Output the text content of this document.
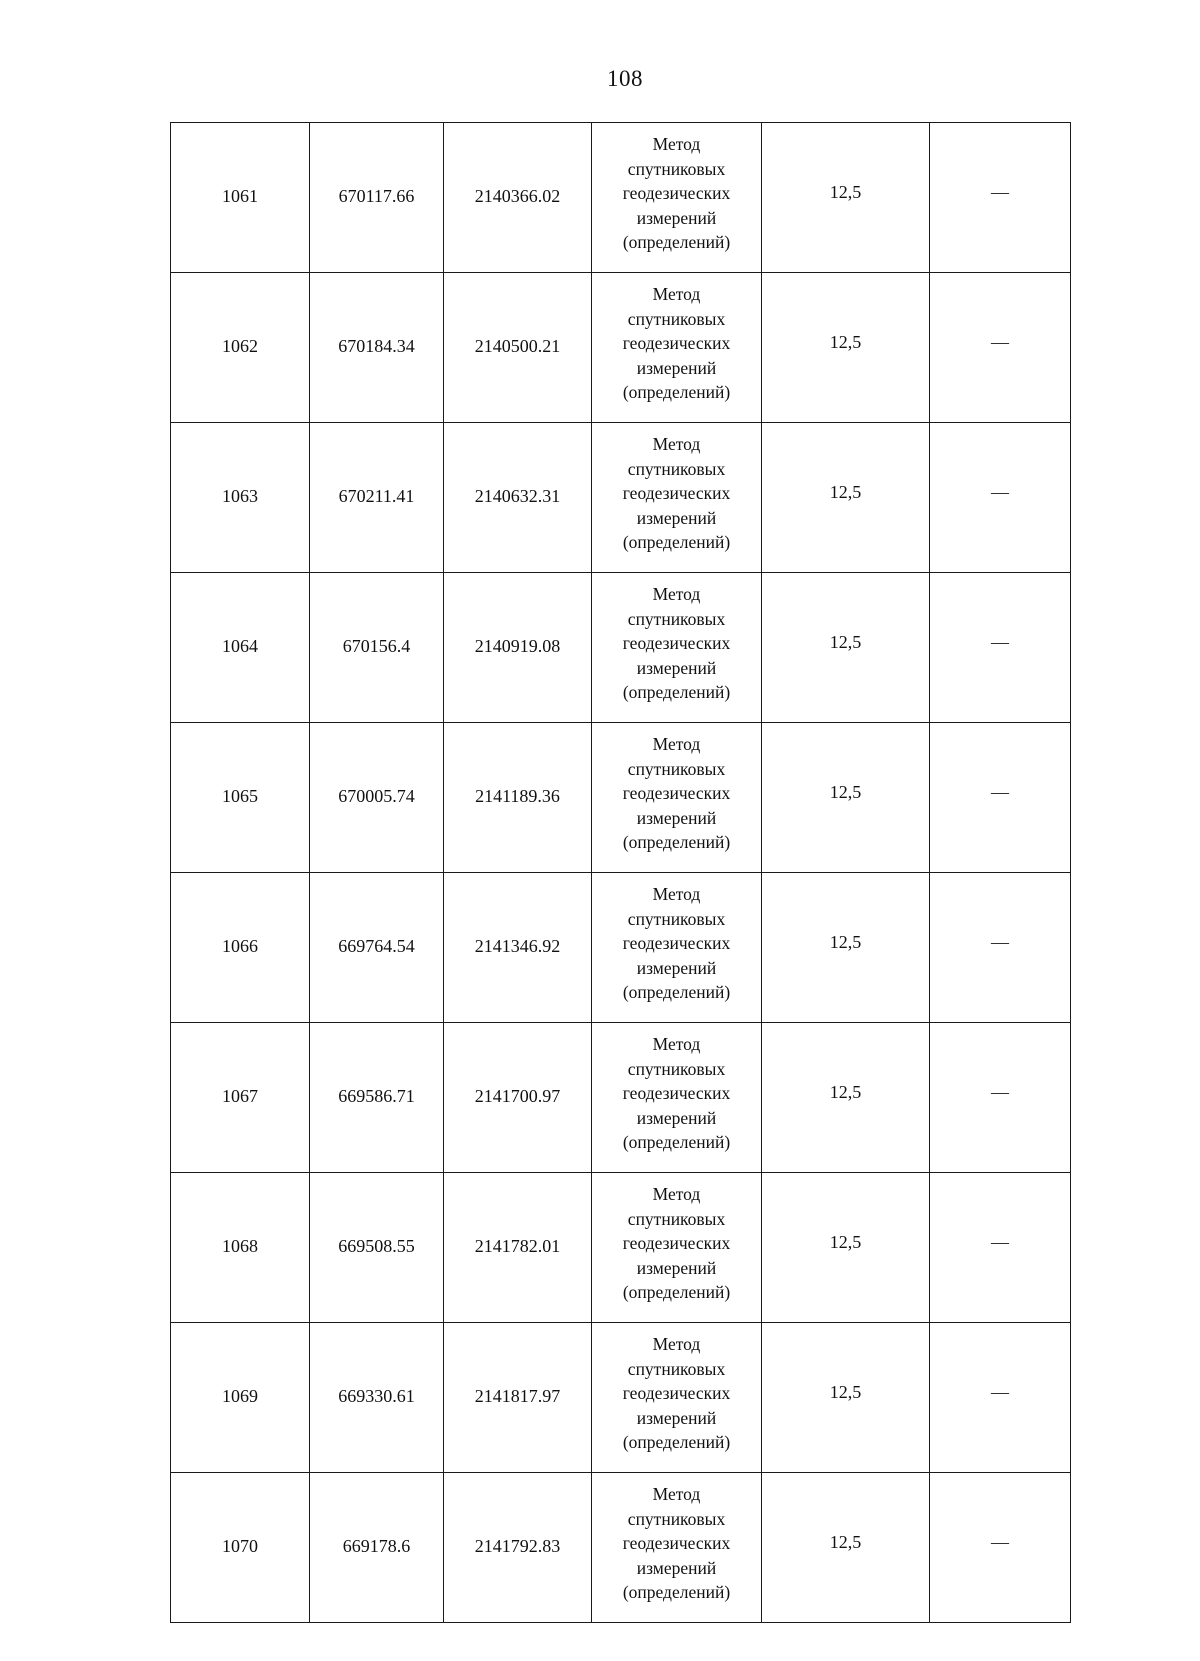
108
1061	670117.66	2140366.02	Метод
спутниковых
геодезических
измерений
(определений)	12,5	—
1062	670184.34	2140500.21	Метод
спутниковых
геодезических
измерений
(определений)	12,5	—
1063	670211.41	2140632.31	Метод
спутниковых
геодезических
измерений
(определений)	12,5	—
1064	670156.4	2140919.08	Метод
спутниковых
геодезических
измерений
(определений)	12,5	—
1065	670005.74	2141189.36	Метод
спутниковых
геодезических
измерений
(определений)	12,5	—
1066	669764.54	2141346.92	Метод
спутниковых
геодезических
измерений
(определений)	12,5	—
1067	669586.71	2141700.97	Метод
спутниковых
геодезических
измерений
(определений)	12,5	—
1068	669508.55	2141782.01	Метод
спутниковых
геодезических
измерений
(определений)	12,5	—
1069	669330.61	2141817.97	Метод
спутниковых
геодезических
измерений
(определений)	12,5	—
1070	669178.6	2141792.83	Метод
спутниковых
геодезических
измерений
(определений)	12,5	—
